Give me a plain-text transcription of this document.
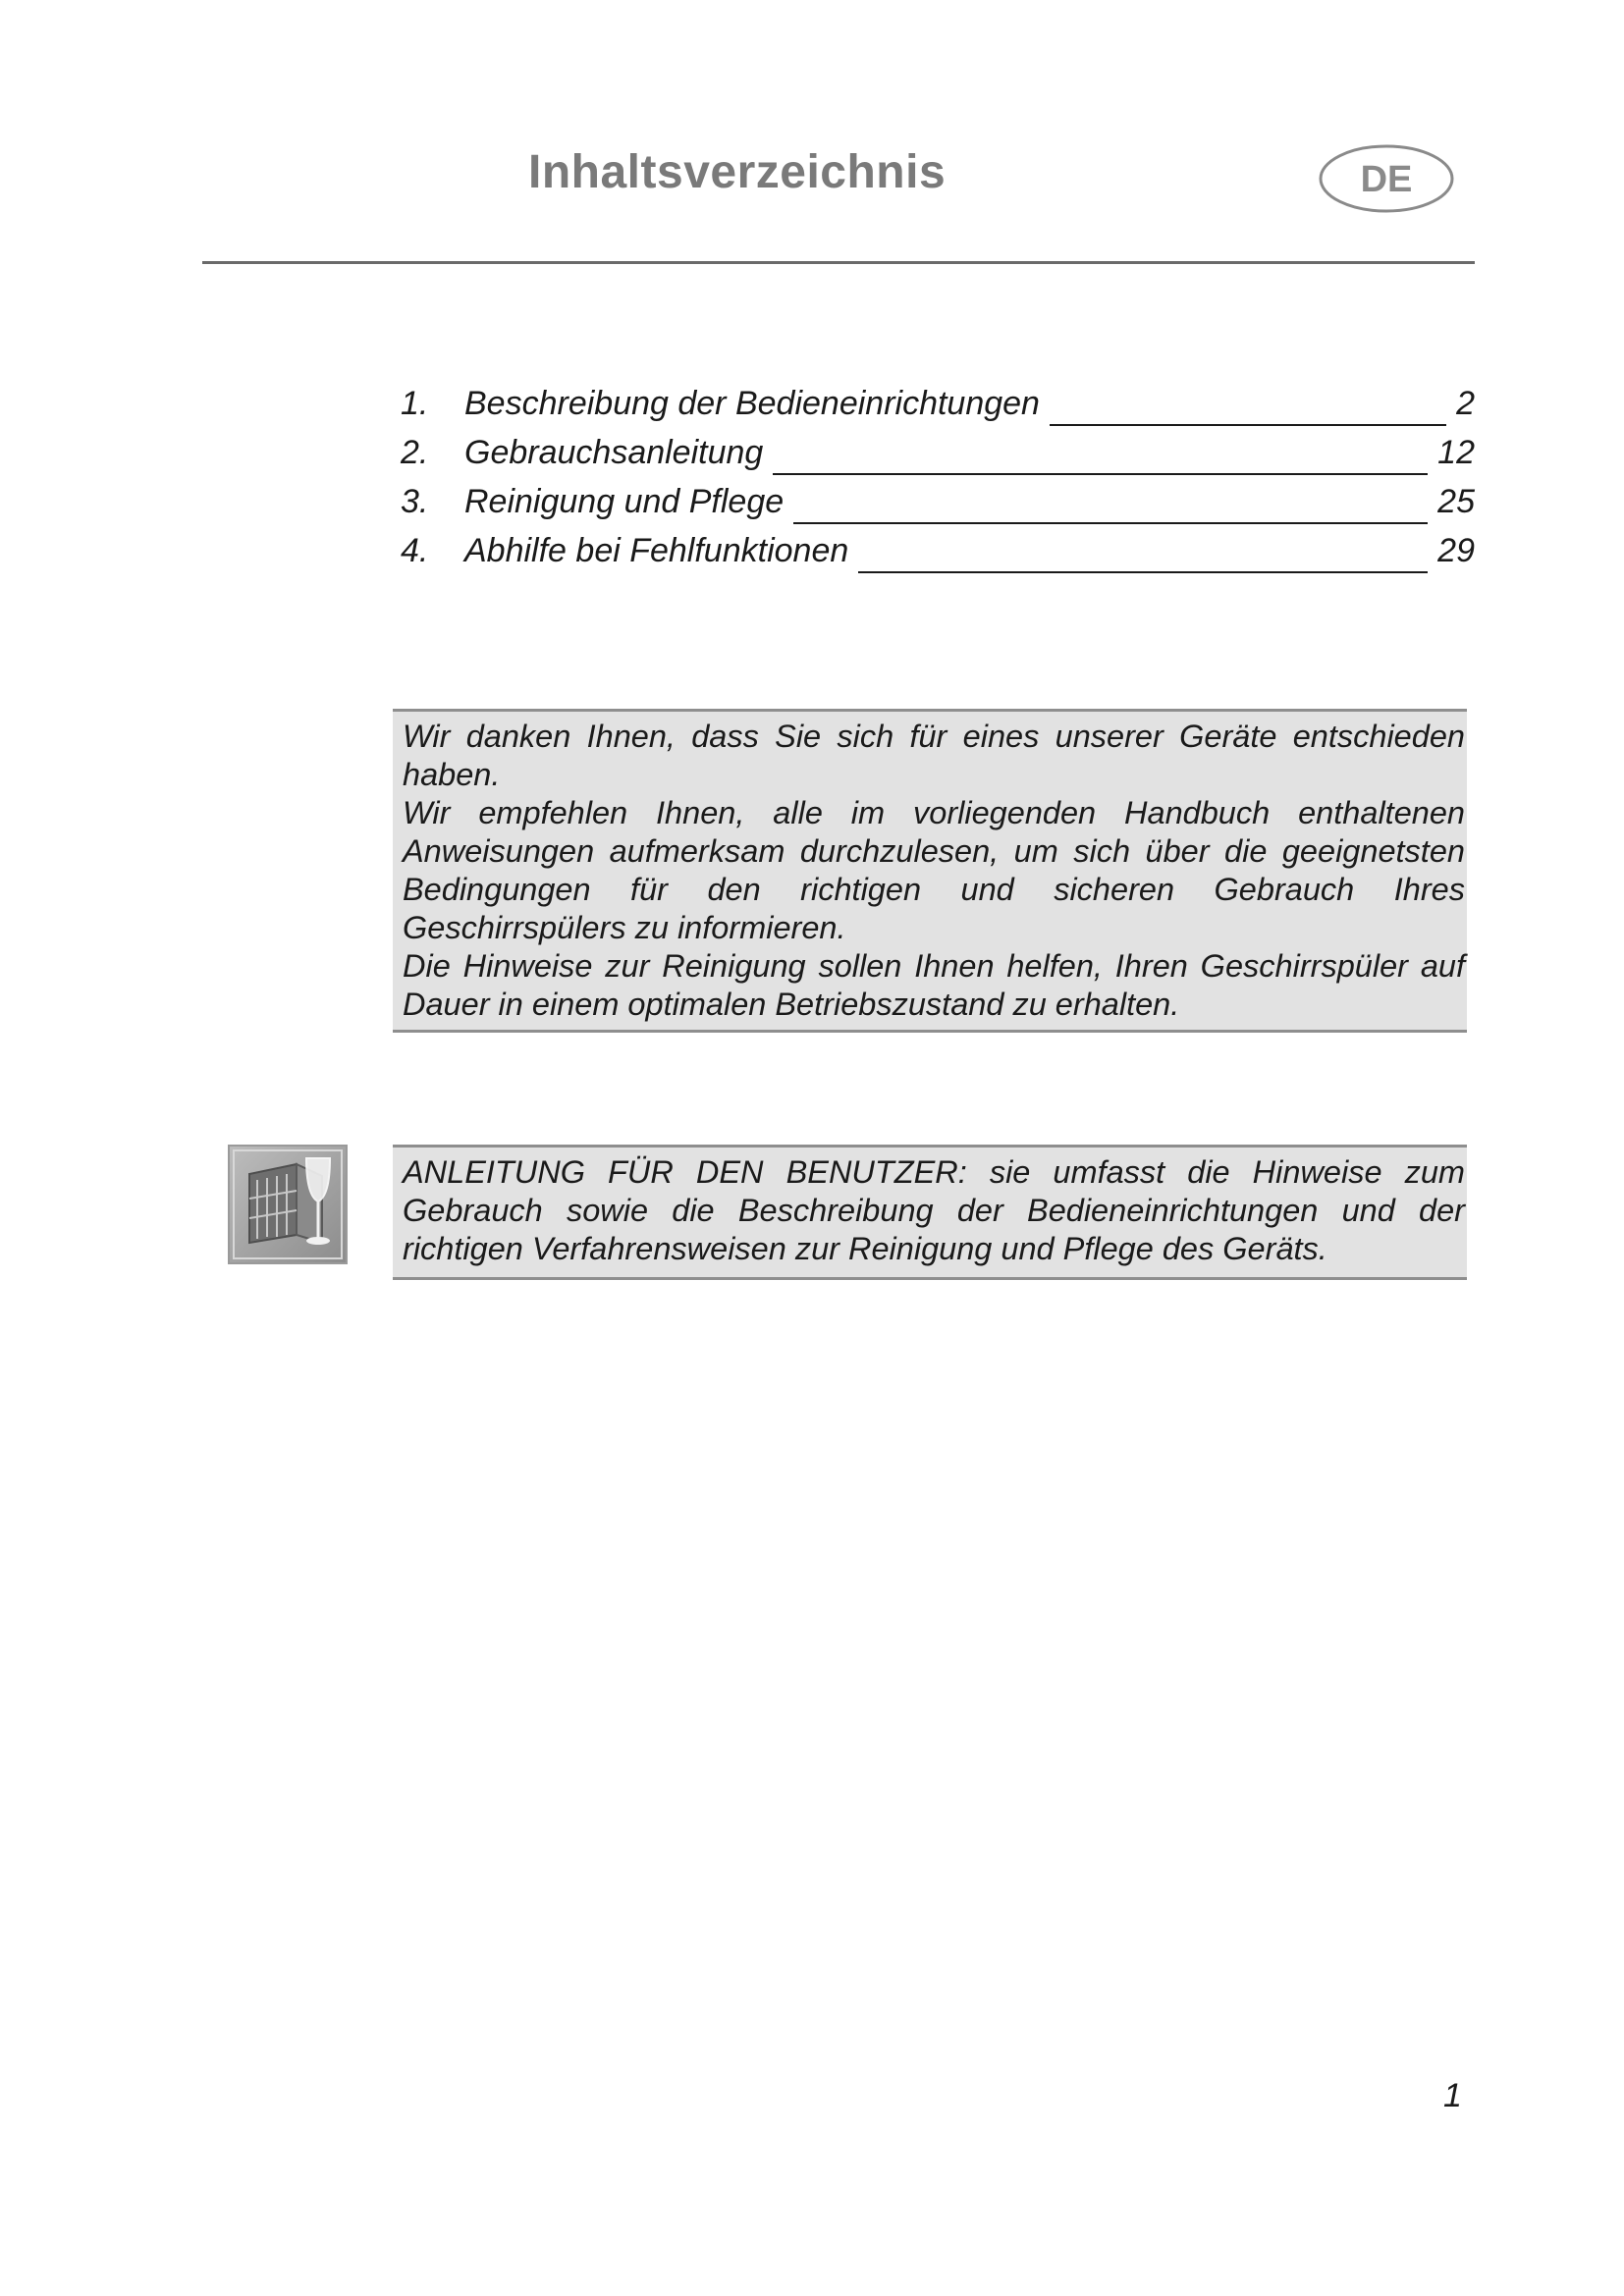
Inhaltsverzeichnis	DE
1.	Beschreibung der Bedieneinrichtungen	2
2.	Gebrauchsanleitung	12
3.	Reinigung und Pflege	25
4.	Abhilfe bei Fehlfunktionen	29

Wir danken Ihnen, dass Sie sich für eines unserer Geräte entschieden haben.

Wir empfehlen Ihnen, alle im vorliegenden Handbuch enthaltenen Anweisungen aufmerksam durchzulesen, um sich über die geeignetsten Bedingungen für den richtigen und sicheren Gebrauch Ihres Geschirrspülers zu informieren.

Die Hinweise zur Reinigung sollen Ihnen helfen, Ihren Geschirrspüler auf Dauer in einem optimalen Betriebszustand zu erhalten.

ANLEITUNG FÜR DEN BENUTZER: sie umfasst die Hinweise zum Gebrauch sowie die Beschreibung der Bedieneinrichtungen und der richtigen Verfahrensweisen zur Reinigung und Pflege des Geräts.

1
